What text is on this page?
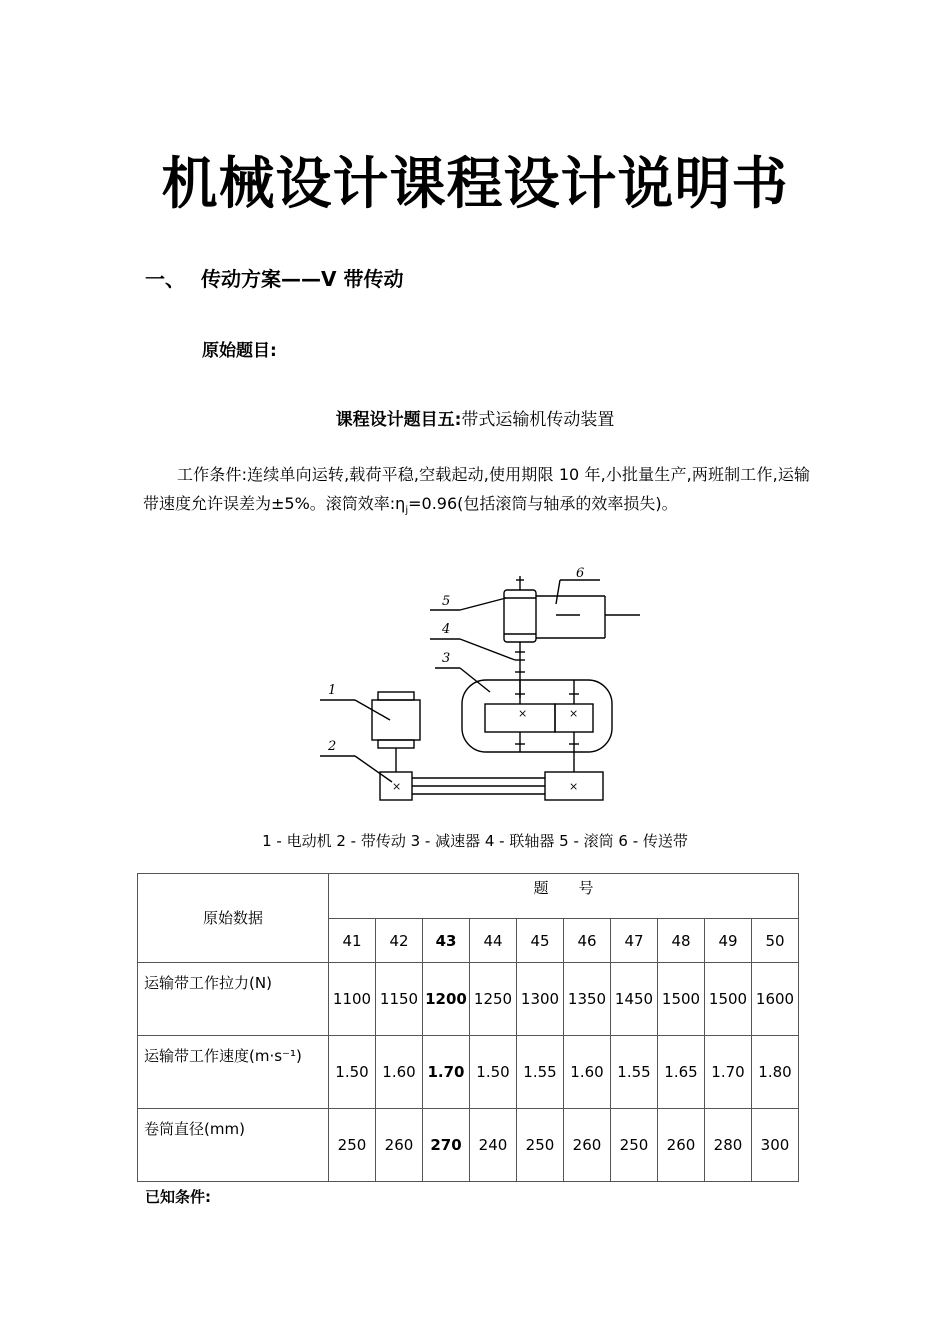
机械设计课程设计说明书
一、 传动方案——V 带传动
原始题目:
课程设计题目五:带式运输机传动装置
工作条件:连续单向运转,载荷平稳,空载起动,使用期限 10 年,小批量生产,两班制工作,运输带速度允许误差为±5%。滚筒效率$:\eta_j=0.96$(包括滚筒与轴承的效率损失)。
×	×
×	×
1
2
3
4
5
6
1 - 电动机 2 - 带传动 3 - 减速器 4 - 联轴器 5 - 滚筒 6 - 传送带
原始数据	题　　号									
	41	42	43	44	45	46	47	48	49	50
运输带工作拉力(N)	1100	1150	1200	1250	1300	1350	1450	1500	1500	1600
运输带工作速度(m·s⁻¹)	1.50	1.60	1.70	1.50	1.55	1.60	1.55	1.65	1.70	1.80
卷筒直径(mm)	250	260	270	240	250	260	250	260	280	300
已知条件:
